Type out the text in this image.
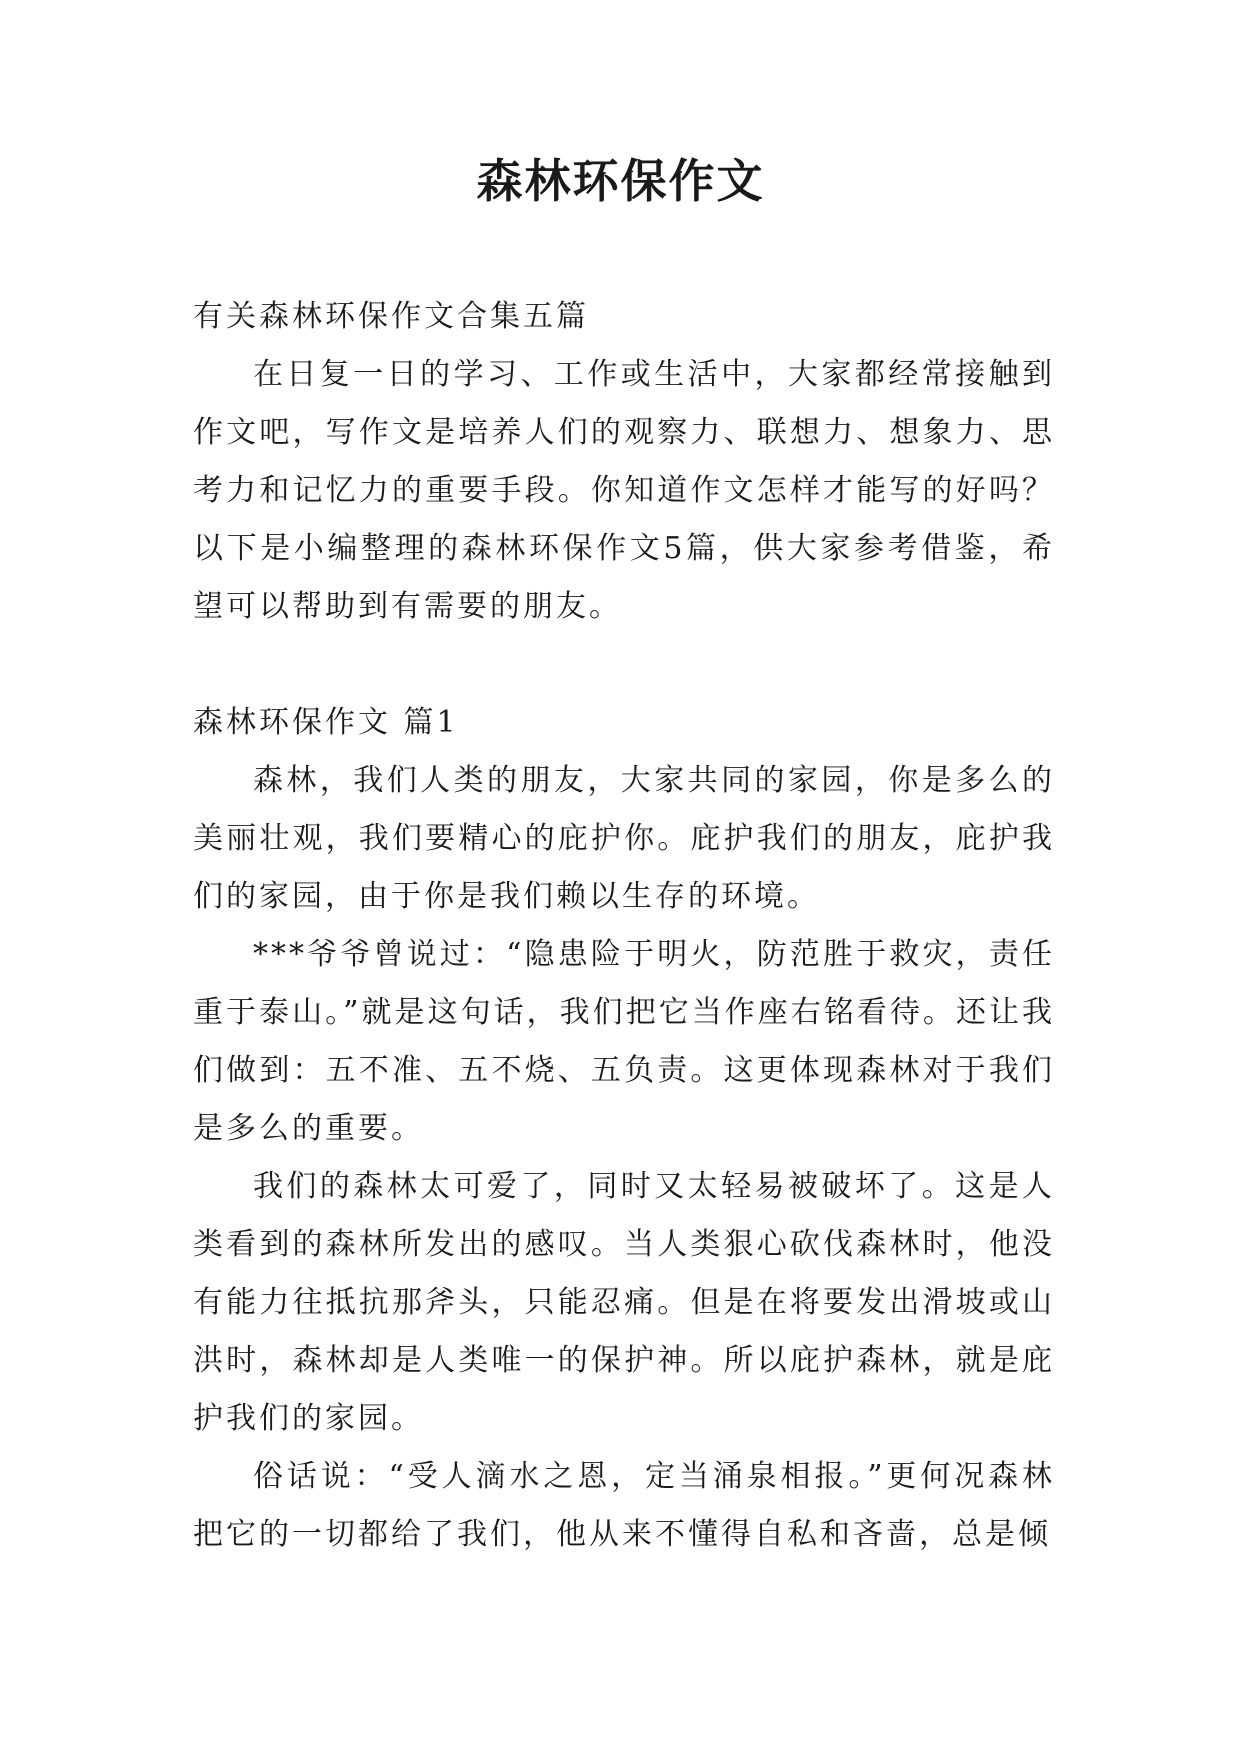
森林环保作文

有关森林环保作文合集五篇

在日复一日的学习、工作或生活中，大家都经常接触到作文吧，写作文是培养人们的观察力、联想力、想象力、思考力和记忆力的重要手段。你知道作文怎样才能写的好吗？以下是小编整理的森林环保作文5篇，供大家参考借鉴，希望可以帮助到有需要的朋友。

森林环保作文 篇1

森林，我们人类的朋友，大家共同的家园，你是多么的美丽壮观，我们要精心的庇护你。庇护我们的朋友，庇护我们的家园，由于你是我们赖以生存的环境。

***爷爷曾说过：“隐患险于明火，防范胜于救灾，责任重于泰山。”就是这句话，我们把它当作座右铭看待。还让我们做到：五不准、五不烧、五负责。这更体现森林对于我们是多么的重要。

我们的森林太可爱了，同时又太轻易被破坏了。这是人类看到的森林所发出的感叹。当人类狠心砍伐森林时，他没有能力往抵抗那斧头，只能忍痛。但是在将要发出滑坡或山洪时，森林却是人类唯一的保护神。所以庇护森林，就是庇护我们的家园。

俗话说：“受人滴水之恩，定当涌泉相报。”更何况森林把它的一切都给了我们，他从来不懂得自私和吝啬，总是倾
